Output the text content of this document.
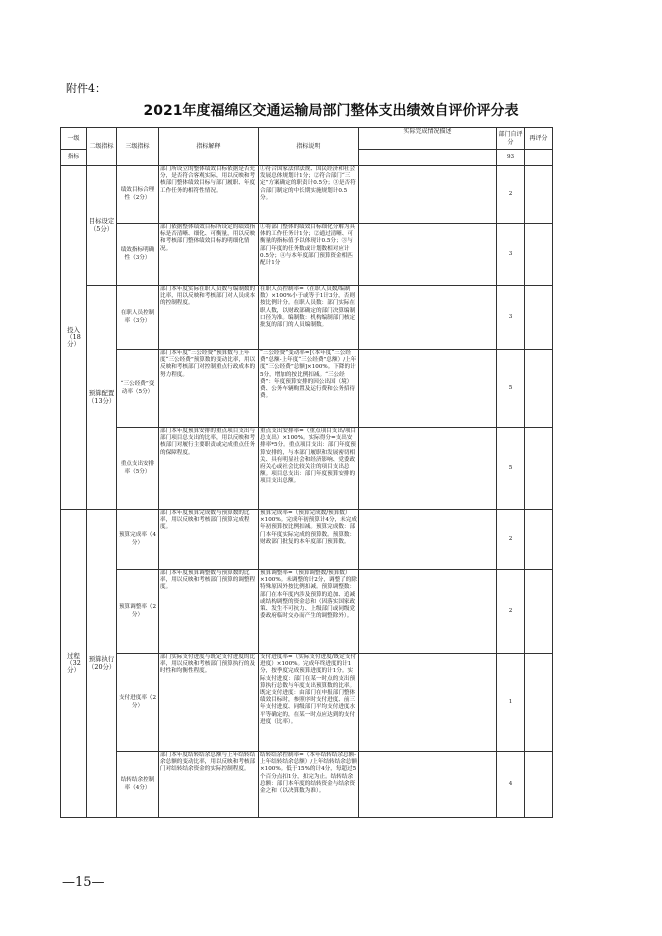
附件4：
2021年度福绵区交通运输局部门整体支出绩效自评价评分表
一级	二级指标	三级指标	指标解释	指标说明	实际完成情况描述	部门自评分	再评分
指标						93	
投入（18分）	目标设定（5分）	绩效目标合理性（2分）	部门所设立的整体绩效目标依据是否充分，是否符合客观实际，用以反映和考核部门整体绩效目标与部门履职、年度工作任务的相符性情况。	①符合国家法律法规、国民经济和社会发展总体规划计1分；②符合部门“三定”方案确定的职责计0.5分；③是否符合部门制定的中长期实施规划计0.5分。		2	
		绩效指标明确性（3分）	部门依据整体绩效目标所设定的绩效指标是否清晰、细化、可衡量，用以反映和考核部门整体绩效目标的明细化情况。	①将部门整体的绩效目标细化分解为具体的工作任务计1分；②通过清晰、可衡量的指标值予以体现计0.5分；③与部门年度的任务数或计划数相对应计0.5分；④与本年度部门预算资金相匹配计1分		3	
	预算配置（13分）	在职人员控制率（3分）	部门本年度实际在职人员数与编制数的比率，用以反映和考核部门对人员成本的控制程度。	在职人员控制率=（在职人员数/编制数）×100%小于或等于1计3分，否则按比例计分。在职人员数：部门实际在职人数，以财政部确定的部门决算编制口径为准。编制数：机构编制部门核定批复的部门的人员编制数。		3	
		“三公经费”变动率（5分）	部门本年度“三公经费”预算数与上年度“三公经费”预算数的变动比率，用以反映和考核部门对控制重点行政成本的努力程度。	“三公经费”变动率=[（本年度“三公经费”总额-上年度“三公经费”总额）/上年度“三公经费”总额]×100%。下降的计5分，增加的按比例扣减。“三公经费”：年度预算安排的因公出国（境）费、公务车辆购置及运行费和公务招待费。		5	
		重点支出安排率（5分）	部门本年度预算安排的重点项目支出与部门项目总支出的比率，用以反映和考核部门对履行主要职责或完成重点任务的保障程度。	重点支出安排率=（重点项目支出/项目总支出）×100%。实际得分=支出安排率*5分。重点项目支出：部门年度预算安排的，与本部门履职和发展密切相关、具有明显社会和经济影响、党委政府关心或社会比较关注的项目支出总额。项目总支出：部门年度预算安排的项目支出总额。		5	
过程（32分）	预算执行（20分）	预算完成率（4分）	部门本年度预算完成数与预算数的比率，用以反映和考核部门预算完成程度。	预算完成率=（预算完成数/预算数）×100%。完成年初预算计4分，未完成年初预算按比例扣减。预算完成数：部门本年度实际完成的预算数。预算数：财政部门批复的本年度部门预算数。		2	
		预算调整率（2分）	部门本年度预算调整数与预算数的比率，用以反映和考核部门预算的调整程度。	预算调整率=（预算调整数/预算数）×100%。未调整的计2分，调整了的除特殊原因外按比例扣减。预算调整数：部门在本年度内涉及预算的追加、追减或结构调整的资金总和（因落实国家政策、发生不可抗力、上级部门或同级党委政府临时交办而产生的调整除外）。		2	
		支付进度率（2分）	部门实际支付进度与既定支付进度的比率，用以反映和考核部门预算执行的及时性和均衡性程度。	支付进度率=（实际支付进度/既定支付进度）×100%。完成年终进度的计1分，按季度完成预算进度的计1分。实际支付进度：部门在某一时点的支出预算执行总数与年度支出预算数的比率。既定支付进度：由部门在申报部门整体绩效目标时，参照序时支付进度、前三年支付进度、同级部门平均支付进度水平等确定的，在某一时点应达到的支付进度（比率）。		1	
		结转结余控制率（4分）	部门本年度结转结余总额与上年结转结余总额的变动比率，用以反映和考核部门对结转结余资金的实际控制程度。	结转结余控制率=（本年结转结余总额-上年结转结余总额）/上年结转结余总额×100%。低于15%的计4分，每超过5个百分点扣1分，扣完为止。结转结余总额：部门本年度的结转资金与结余资金之和（以决算数为准）。		4	
—15—
